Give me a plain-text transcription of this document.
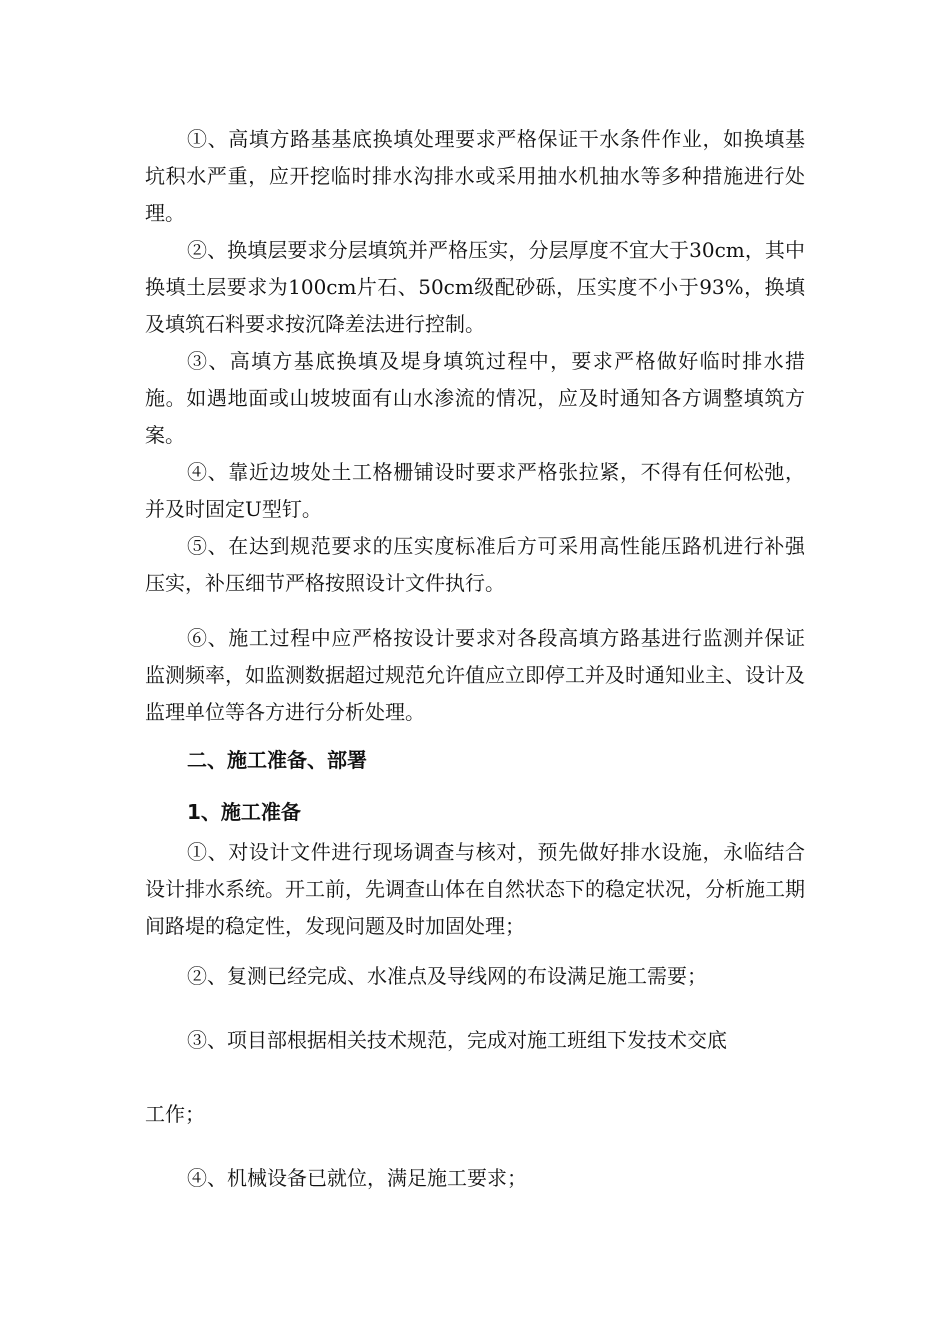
①、高填方路基基底换填处理要求严格保证干水条件作业，如换填基坑积水严重，应开挖临时排水沟排水或采用抽水机抽水等多种措施进行处理。

②、换填层要求分层填筑并严格压实，分层厚度不宜大于30cm，其中换填土层要求为100cm片石、50cm级配砂砾，压实度不小于93%，换填及填筑石料要求按沉降差法进行控制。

③、高填方基底换填及堤身填筑过程中，要求严格做好临时排水措施。如遇地面或山坡坡面有山水渗流的情况，应及时通知各方调整填筑方案。

④、靠近边坡处土工格栅铺设时要求严格张拉紧，不得有任何松弛，并及时固定U型钉。

⑤、在达到规范要求的压实度标准后方可采用高性能压路机进行补强压实，补压细节严格按照设计文件执行。

⑥、施工过程中应严格按设计要求对各段高填方路基进行监测并保证监测频率，如监测数据超过规范允许值应立即停工并及时通知业主、设计及监理单位等各方进行分析处理。

二、施工准备、部署

1、施工准备

①、对设计文件进行现场调查与核对，预先做好排水设施，永临结合设计排水系统。开工前，先调查山体在自然状态下的稳定状况，分析施工期间路堤的稳定性，发现问题及时加固处理；

②、复测已经完成、水准点及导线网的布设满足施工需要；

③、项目部根据相关技术规范，完成对施工班组下发技术交底

工作；

④、机械设备已就位，满足施工要求；
